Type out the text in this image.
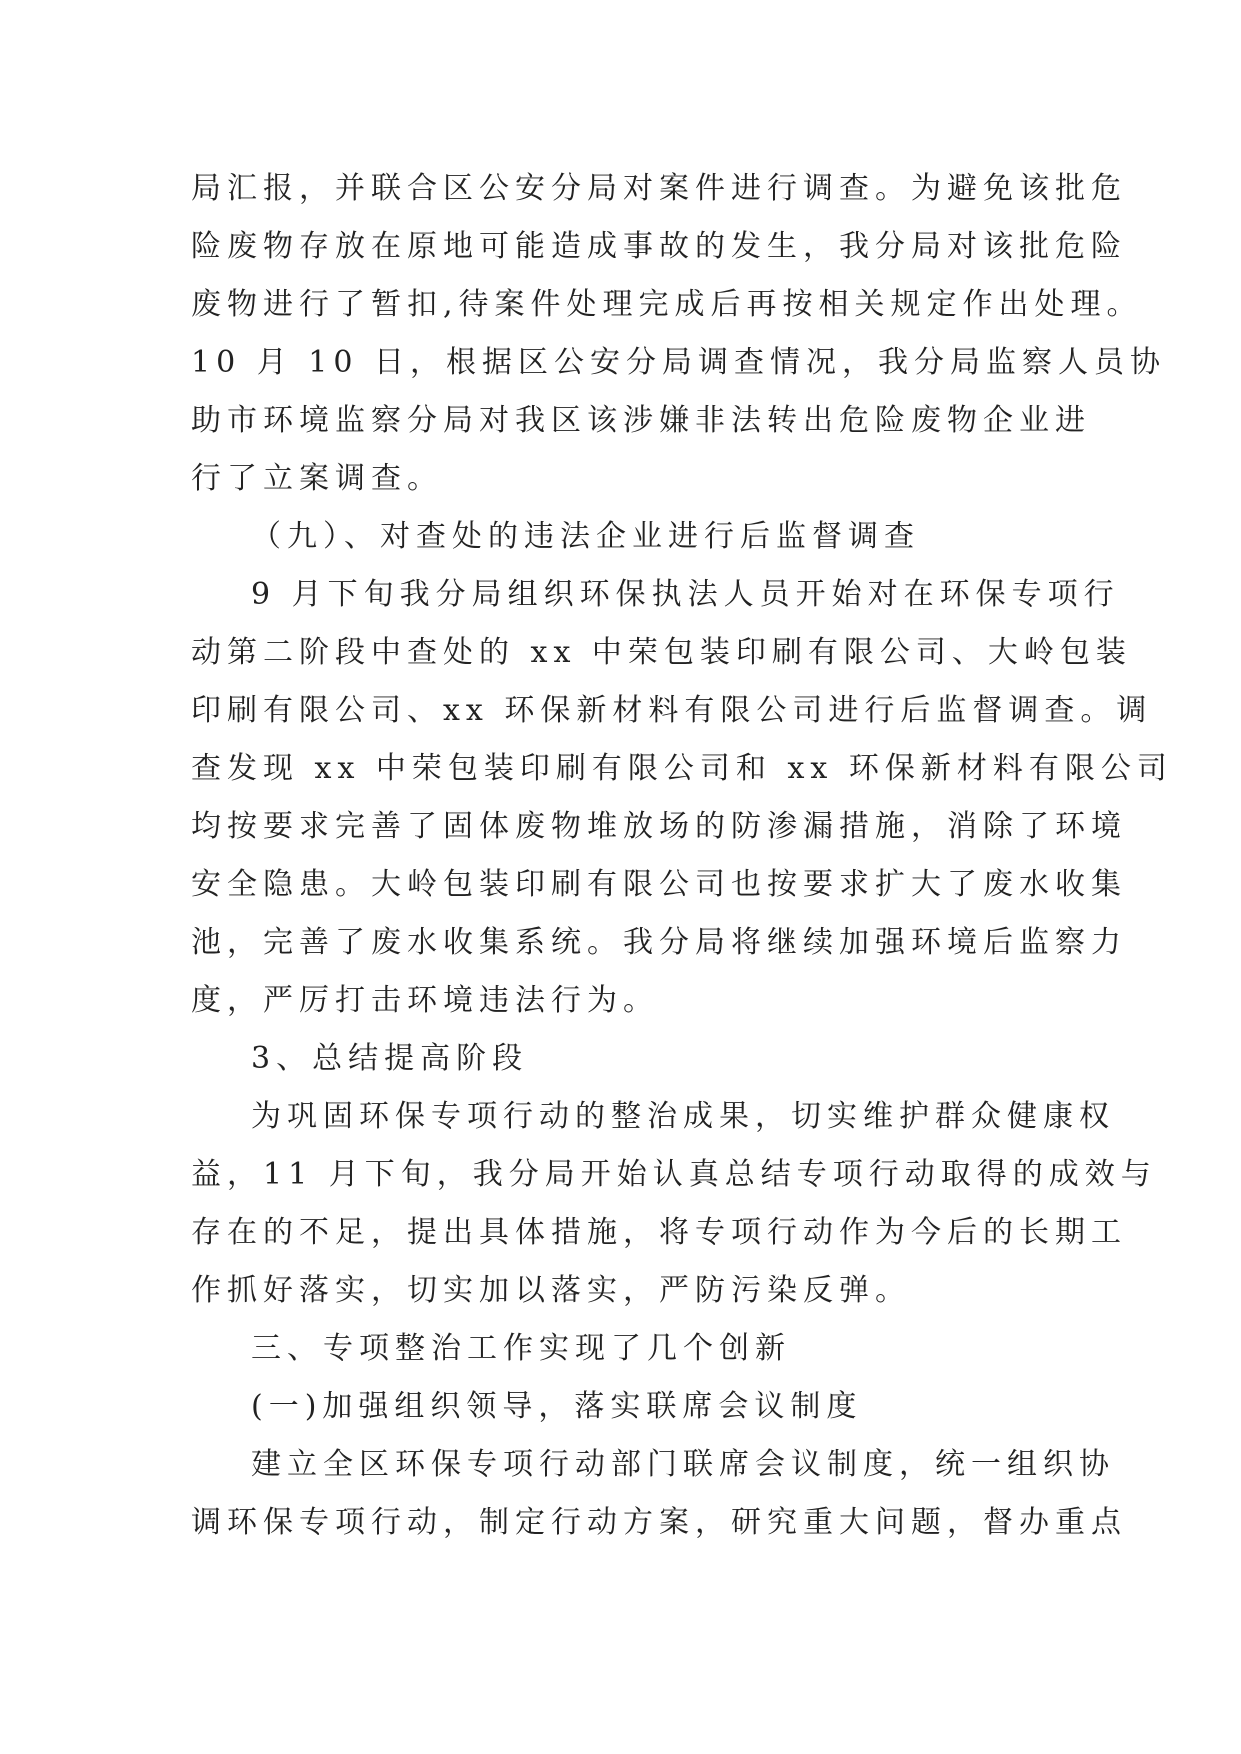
局汇报，并联合区公安分局对案件进行调查。为避免该批危
险废物存放在原地可能造成事故的发生，我分局对该批危险
废物进行了暂扣,待案件处理完成后再按相关规定作出处理。
10 月 10 日，根据区公安分局调查情况，我分局监察人员协
助市环境监察分局对我区该涉嫌非法转出危险废物企业进
行了立案调查。
（九）、对查处的违法企业进行后监督调查
9 月下旬我分局组织环保执法人员开始对在环保专项行
动第二阶段中查处的 xx 中荣包装印刷有限公司、大岭包装
印刷有限公司、xx 环保新材料有限公司进行后监督调查。调
查发现 xx 中荣包装印刷有限公司和 xx 环保新材料有限公司
均按要求完善了固体废物堆放场的防渗漏措施，消除了环境
安全隐患。大岭包装印刷有限公司也按要求扩大了废水收集
池，完善了废水收集系统。我分局将继续加强环境后监察力
度，严厉打击环境违法行为。
3、总结提高阶段
为巩固环保专项行动的整治成果，切实维护群众健康权
益，11 月下旬，我分局开始认真总结专项行动取得的成效与
存在的不足，提出具体措施，将专项行动作为今后的长期工
作抓好落实，切实加以落实，严防污染反弹。
三、专项整治工作实现了几个创新
(一)加强组织领导，落实联席会议制度
建立全区环保专项行动部门联席会议制度，统一组织协
调环保专项行动，制定行动方案，研究重大问题，督办重点
